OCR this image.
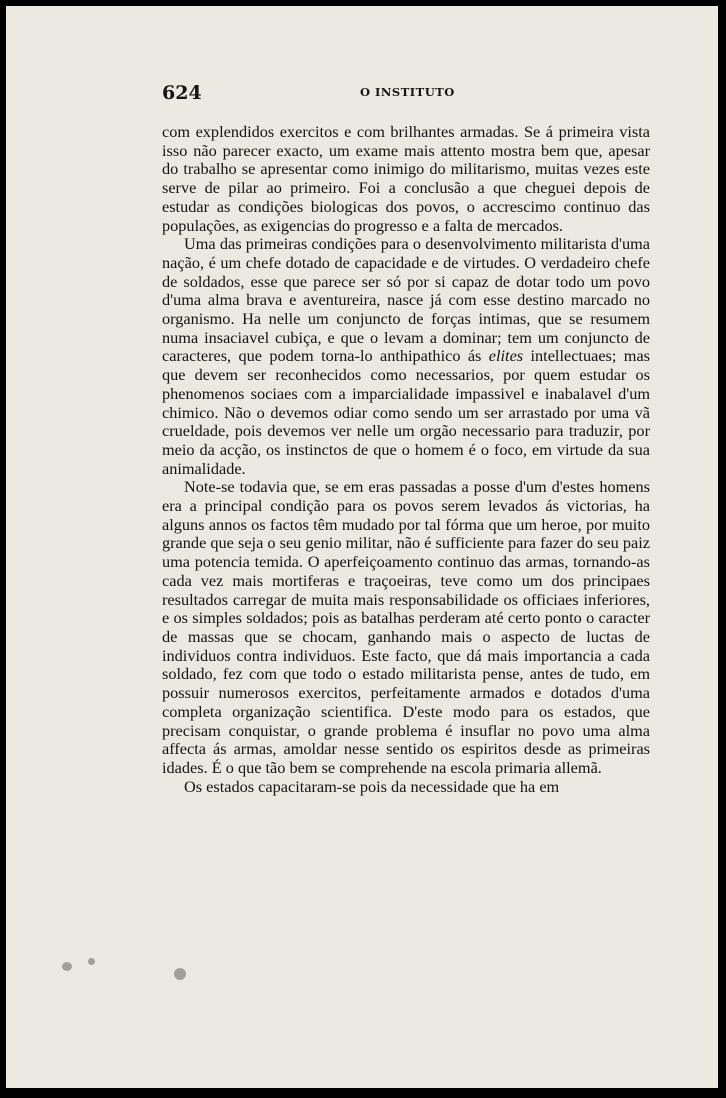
624	O INSTITUTO

com explendidos exercitos e com brilhantes armadas. Se á primeira vista isso não parecer exacto, um exame mais attento mostra bem que, apesar do trabalho se apresentar como inimigo do militarismo, muitas vezes este serve de pilar ao primeiro. Foi a conclusão a que cheguei depois de estudar as condições biologicas dos povos, o accrescimo continuo das populações, as exigencias do progresso e a falta de mercados.

Uma das primeiras condições para o desenvolvimento militarista d'uma nação, é um chefe dotado de capacidade e de virtudes. O verdadeiro chefe de soldados, esse que parece ser só por si capaz de dotar todo um povo d'uma alma brava e aventureira, nasce já com esse destino marcado no organismo. Ha nelle um conjuncto de forças intimas, que se resumem numa insaciavel cubiça, e que o levam a dominar; tem um conjuncto de caracteres, que podem torna-lo anthipathico ás elites intellectuaes; mas que devem ser reconhecidos como necessarios, por quem estudar os phenomenos sociaes com a imparcialidade impassivel e inabalavel d'um chimico. Não o devemos odiar como sendo um ser arrastado por uma vã crueldade, pois devemos ver nelle um orgão necessario para traduzir, por meio da acção, os instinctos de que o homem é o foco, em virtude da sua animalidade.

Note-se todavia que, se em eras passadas a posse d'um d'estes homens era a principal condição para os povos serem levados ás victorias, ha alguns annos os factos têm mudado por tal fórma que um heroe, por muito grande que seja o seu genio militar, não é sufficiente para fazer do seu paiz uma potencia temida. O aperfeiçoamento continuo das armas, tornando-as cada vez mais mortiferas e traçoeiras, teve como um dos principaes resultados carregar de muita mais responsabilidade os officiaes inferiores, e os simples soldados; pois as batalhas perderam até certo ponto o caracter de massas que se chocam, ganhando mais o aspecto de luctas de individuos contra individuos. Este facto, que dá mais importancia a cada soldado, fez com que todo o estado militarista pense, antes de tudo, em possuir numerosos exercitos, perfeitamente armados e dotados d'uma completa organização scientifica. D'este modo para os estados, que precisam conquistar, o grande problema é insuflar no povo uma alma affecta ás armas, amoldar nesse sentido os espiritos desde as primeiras idades. É o que tão bem se comprehende na escola primaria allemã.

Os estados capacitaram-se pois da necessidade que ha em
